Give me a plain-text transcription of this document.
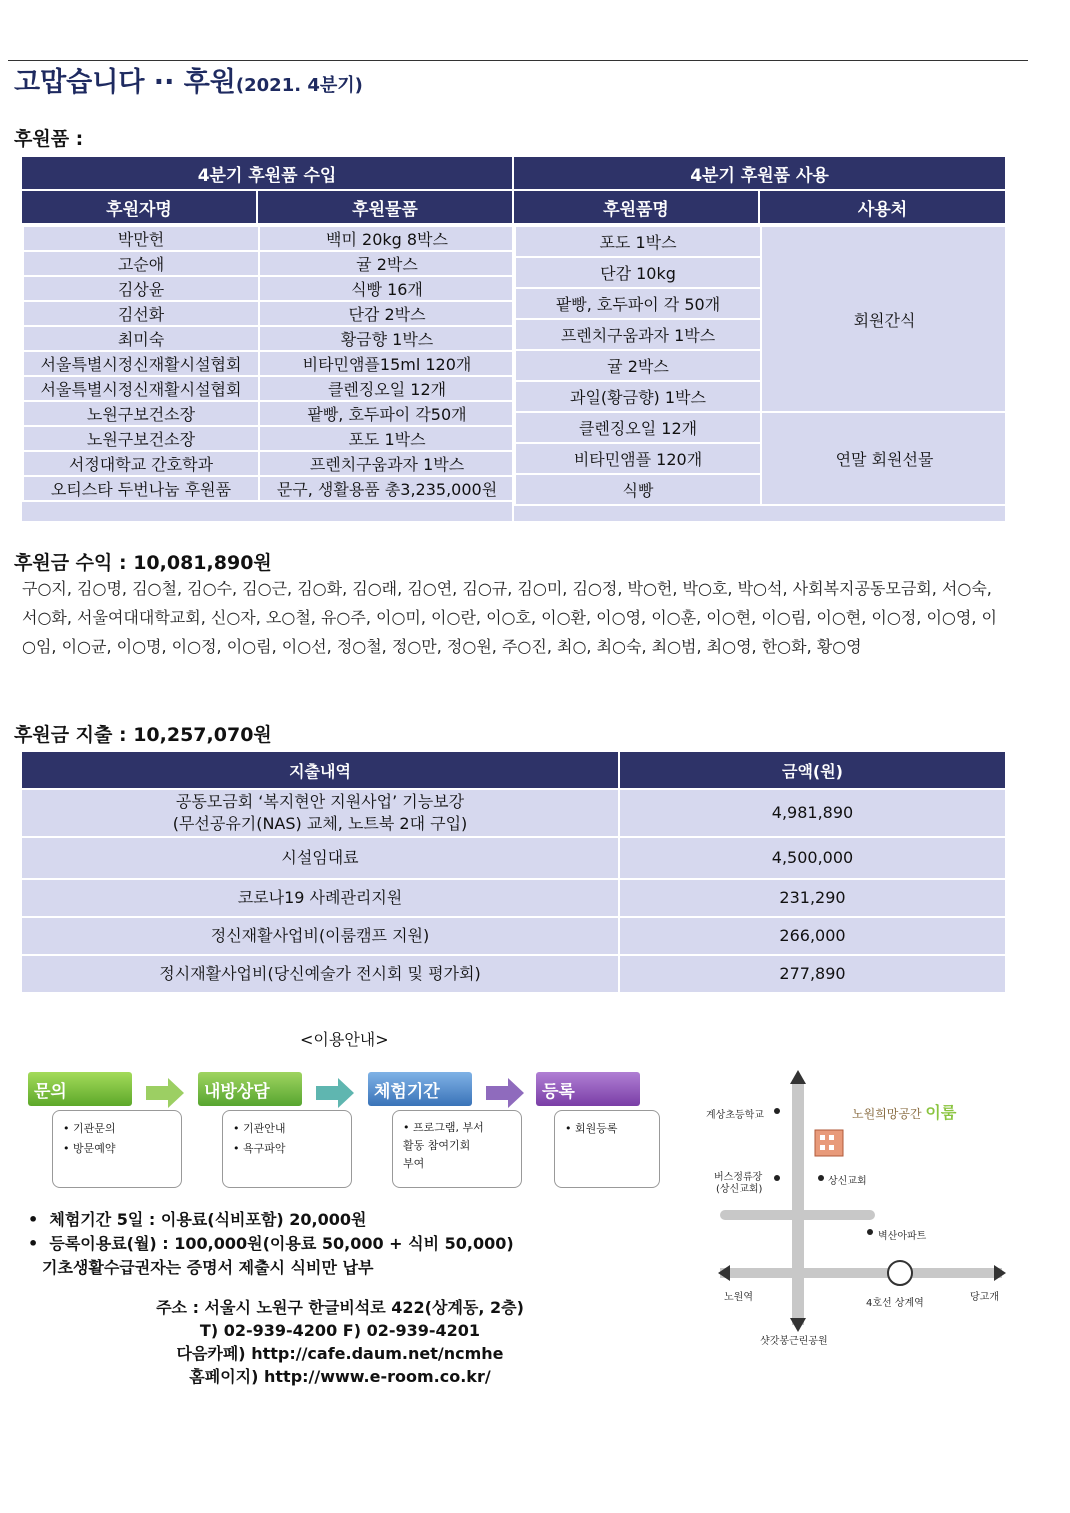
고맙습니다 ·· 후원(2021. 4분기)
후원품 :
4분기 후원품 수입	4분기 후원품 사용
후원자명	후원물품	후원품명	사용처

박만헌	백미 20kg 8박스
고순애	귤 2박스
김상윤	식빵 16개
김선화	단감 2박스
최미숙	황금향 1박스
서울특별시정신재활시설협회	비타민앰플15ml 120개
서울특별시정신재활시설협회	클렌징오일 12개
노원구보건소장	팥빵, 호두파이 각50개
노원구보건소장	포도 1박스
서정대학교 간호학과	프렌치구움과자 1박스
오티스타 두번나눔 후원품	문구, 생활용품 총3,235,000원

포도 1박스	회원간식
단감 10kg
팥빵, 호두파이 각 50개
프렌치구움과자 1박스
귤 2박스
과일(황금향) 1박스
클렌징오일 12개	연말 회원선물
비타민앰플 120개
식빵
후원금 수익 : 10,081,890원
구○지, 김○명, 김○철, 김○수, 김○근, 김○화, 김○래, 김○연, 김○규, 김○미, 김○정, 박○헌, 박○호, 박○석, 사회복지공동모금회, 서○숙, 서○화, 서울여대대학교회, 신○자, 오○철, 유○주, 이○미, 이○란, 이○호, 이○환, 이○영, 이○훈, 이○현, 이○림, 이○현, 이○정, 이○영, 이○임, 이○균, 이○명, 이○정, 이○림, 이○선, 정○철, 정○만, 정○원, 주○진, 최○, 최○숙, 최○범, 최○영, 한○화, 황○영
후원금 지출 : 10,257,070원
지출내역	금액(원)

공동모금회 ‘복지현안 지원사업’ 기능보강
(무선공유기(NAS) 교체, 노트북 2대 구입)	4,981,890
시설임대료	4,500,000
코로나19 사례관리지원	231,290
정신재활사업비(이룸캠프 지원)	266,000
정시재활사업비(당신예술가 전시회 및 평가회)	277,890
<이용안내>
문의
• 기관문의
• 방문예약
내방상담
• 기관안내
• 욕구파악
체험기간
• 프로그램, 부서
활동 참여기회
부여
등록
• 회원등록
•  체험기간 5일 : 이용료(식비포함) 20,000원
•  등록이용료(월) : 100,000원(이용료 50,000 + 식비 50,000)
기초생활수급권자는 증명서 제출시 식비만 납부
주소 : 서울시 노원구 한글비석로 422(상계동, 2층)
T) 02-939-4200 F) 02-939-4201
다음카페) http://cafe.daum.net/ncmhe
홈페이지) http://www.e-room.co.kr/
계상초등학교
버스정류장
(상신교회)
상신교회
벽산아파트
노원역
4호선 상계역
당고개
샷갓봉근린공원
노원희망공간 이룸
